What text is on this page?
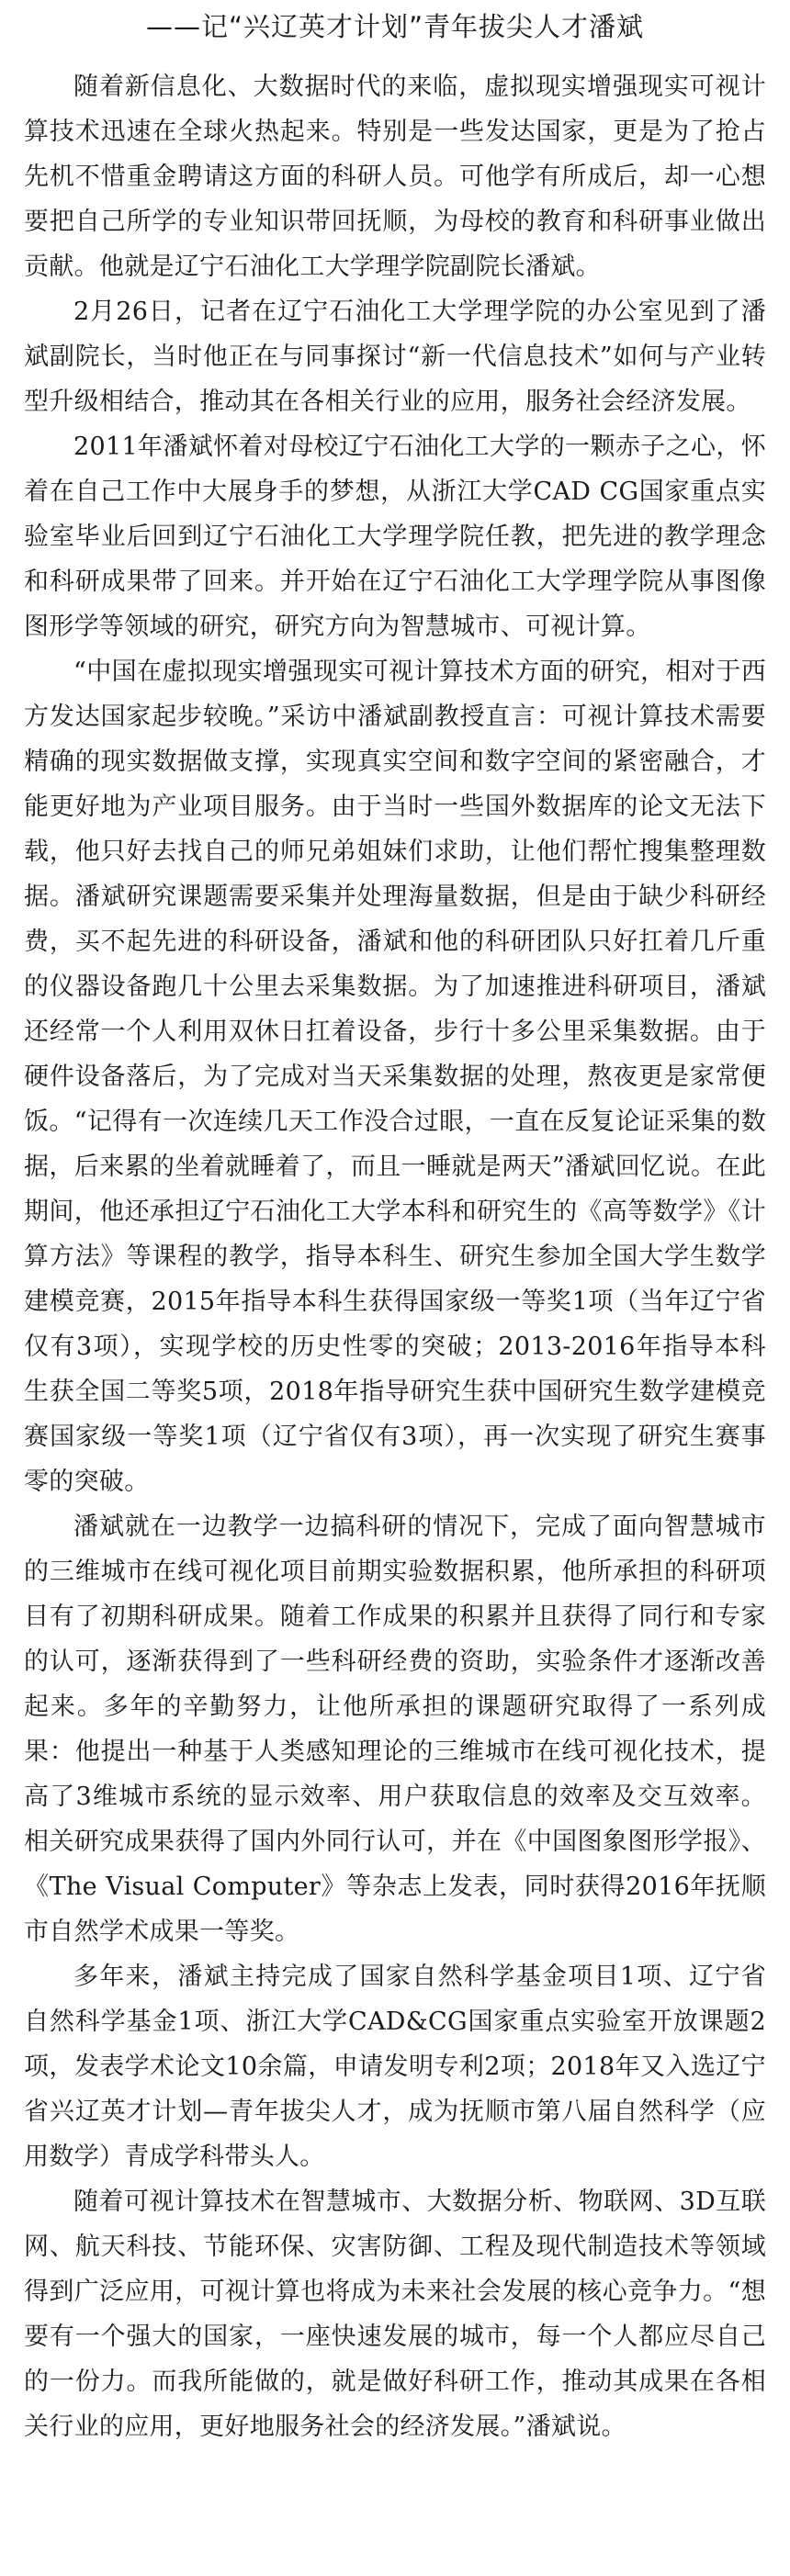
——记“兴辽英才计划”青年拔尖人才潘斌

随着新信息化、大数据时代的来临，虚拟现实增强现实可视计算技术迅速在全球火热起来。特别是一些发达国家，更是为了抢占先机不惜重金聘请这方面的科研人员。可他学有所成后，却一心想要把自己所学的专业知识带回抚顺，为母校的教育和科研事业做出贡献。他就是辽宁石油化工大学理学院副院长潘斌。

2月26日，记者在辽宁石油化工大学理学院的办公室见到了潘斌副院长，当时他正在与同事探讨“新一代信息技术”如何与产业转型升级相结合，推动其在各相关行业的应用，服务社会经济发展。

2011年潘斌怀着对母校辽宁石油化工大学的一颗赤子之心，怀着在自己工作中大展身手的梦想，从浙江大学CAD CG国家重点实验室毕业后回到辽宁石油化工大学理学院任教，把先进的教学理念和科研成果带了回来。并开始在辽宁石油化工大学理学院从事图像图形学等领域的研究，研究方向为智慧城市、可视计算。

“中国在虚拟现实增强现实可视计算技术方面的研究，相对于西方发达国家起步较晚。”采访中潘斌副教授直言：可视计算技术需要精确的现实数据做支撑，实现真实空间和数字空间的紧密融合，才能更好地为产业项目服务。由于当时一些国外数据库的论文无法下载，他只好去找自己的师兄弟姐妹们求助，让他们帮忙搜集整理数据。潘斌研究课题需要采集并处理海量数据，但是由于缺少科研经费，买不起先进的科研设备，潘斌和他的科研团队只好扛着几斤重的仪器设备跑几十公里去采集数据。为了加速推进科研项目，潘斌还经常一个人利用双休日扛着设备，步行十多公里采集数据。由于硬件设备落后，为了完成对当天采集数据的处理，熬夜更是家常便饭。“记得有一次连续几天工作没合过眼，一直在反复论证采集的数据，后来累的坐着就睡着了，而且一睡就是两天”潘斌回忆说。在此期间，他还承担辽宁石油化工大学本科和研究生的《高等数学》《计算方法》等课程的教学，指导本科生、研究生参加全国大学生数学建模竞赛，2015年指导本科生获得国家级一等奖1项（当年辽宁省仅有3项），实现学校的历史性零的突破；2013-2016年指导本科生获全国二等奖5项，2018年指导研究生获中国研究生数学建模竞赛国家级一等奖1项（辽宁省仅有3项），再一次实现了研究生赛事零的突破。

潘斌就在一边教学一边搞科研的情况下，完成了面向智慧城市的三维城市在线可视化项目前期实验数据积累，他所承担的科研项目有了初期科研成果。随着工作成果的积累并且获得了同行和专家的认可，逐渐获得到了一些科研经费的资助，实验条件才逐渐改善起来。多年的辛勤努力，让他所承担的课题研究取得了一系列成果：他提出一种基于人类感知理论的三维城市在线可视化技术，提高了3维城市系统的显示效率、用户获取信息的效率及交互效率。相关研究成果获得了国内外同行认可，并在《中国图象图形学报》、《The Visual Computer》等杂志上发表，同时获得2016年抚顺市自然学术成果一等奖。

多年来，潘斌主持完成了国家自然科学基金项目1项、辽宁省自然科学基金1项、浙江大学CAD&CG国家重点实验室开放课题2项，发表学术论文10余篇，申请发明专利2项；2018年又入选辽宁省兴辽英才计划—青年拔尖人才，成为抚顺市第八届自然科学（应用数学）青成学科带头人。

随着可视计算技术在智慧城市、大数据分析、物联网、3D互联网、航天科技、节能环保、灾害防御、工程及现代制造技术等领域得到广泛应用，可视计算也将成为未来社会发展的核心竞争力。“想要有一个强大的国家，一座快速发展的城市，每一个人都应尽自己的一份力。而我所能做的，就是做好科研工作，推动其成果在各相关行业的应用，更好地服务社会的经济发展。”潘斌说。
